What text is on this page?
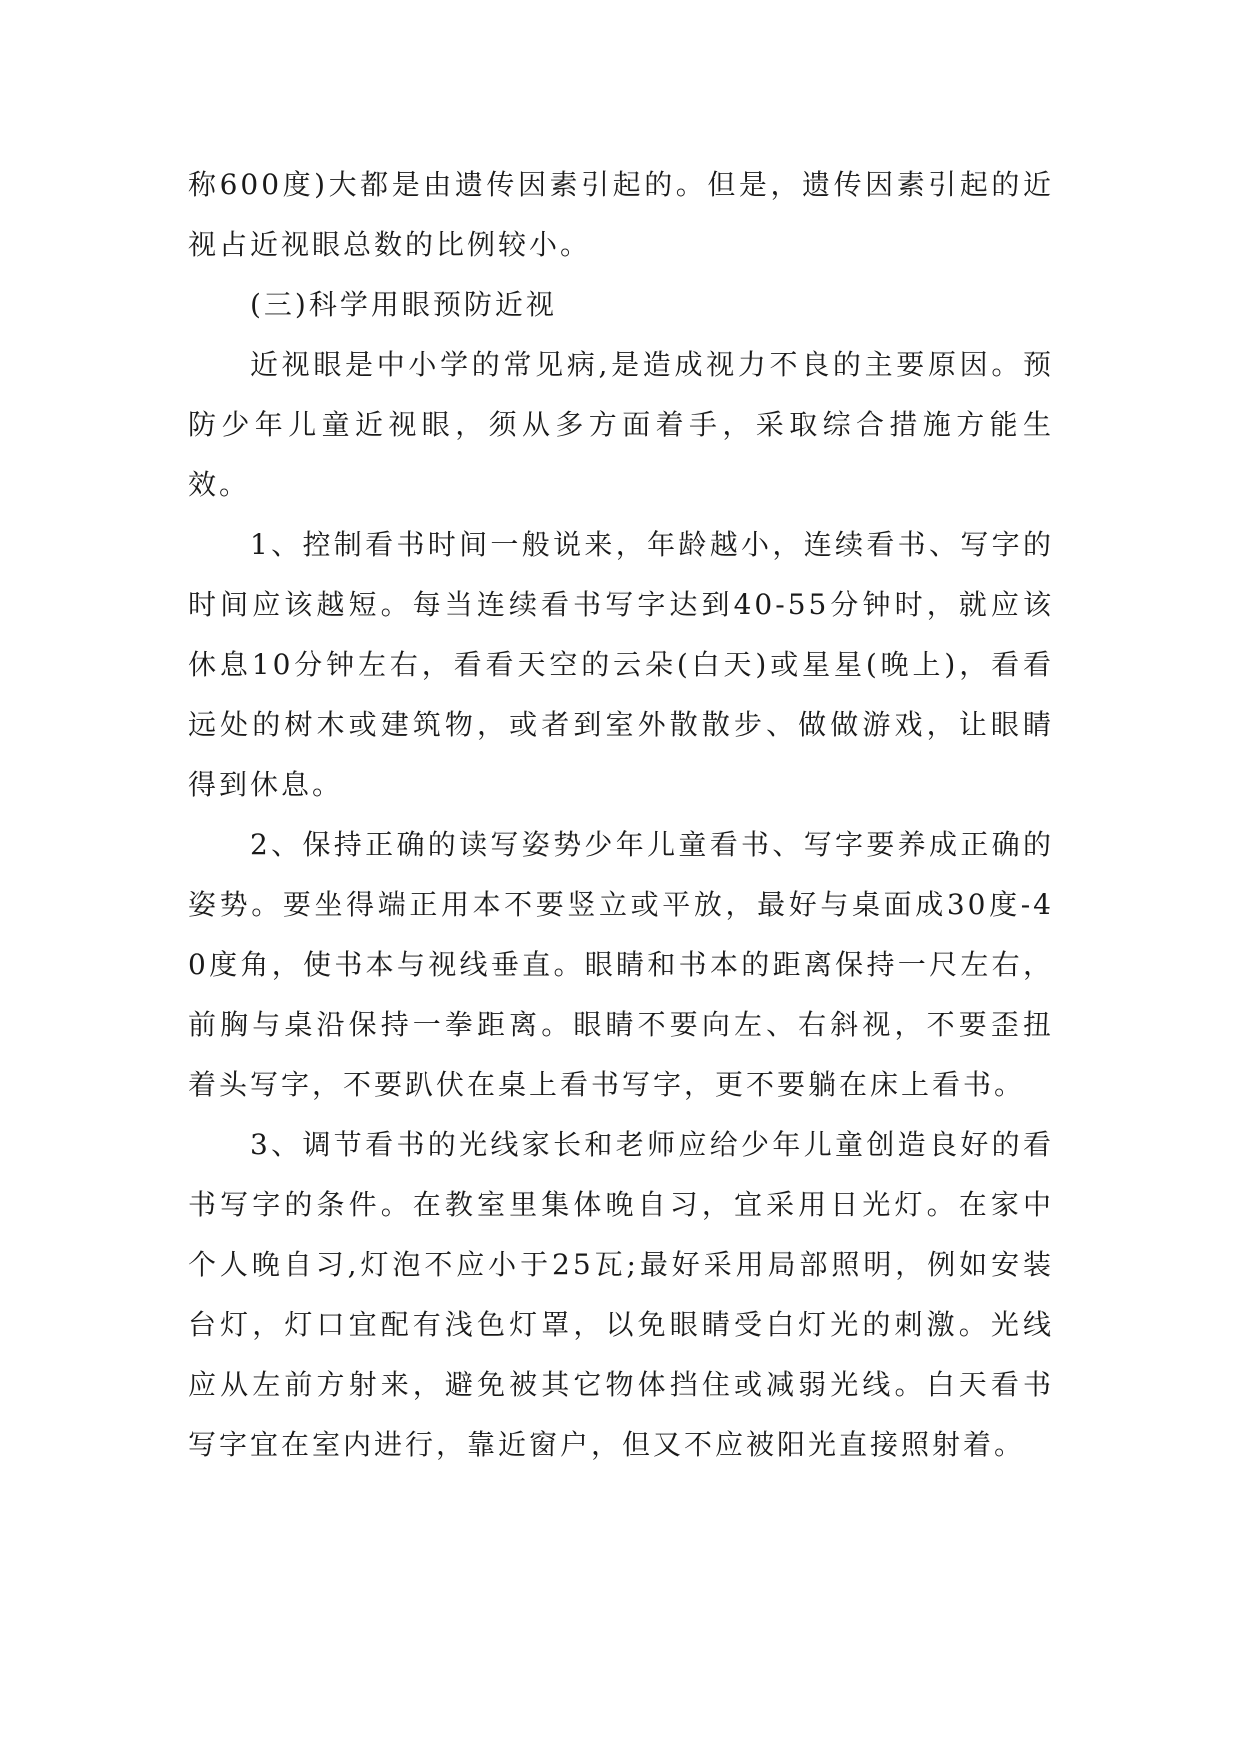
称600度)大都是由遗传因素引起的。但是，遗传因素引起的近视占近视眼总数的比例较小。

(三)科学用眼预防近视

近视眼是中小学的常见病,是造成视力不良的主要原因。预防少年儿童近视眼，须从多方面着手，采取综合措施方能生效。

1、控制看书时间一般说来，年龄越小，连续看书、写字的时间应该越短。每当连续看书写字达到40-55分钟时，就应该休息10分钟左右，看看天空的云朵(白天)或星星(晚上)，看看远处的树木或建筑物，或者到室外散散步、做做游戏，让眼睛得到休息。

2、保持正确的读写姿势少年儿童看书、写字要养成正确的姿势。要坐得端正用本不要竖立或平放，最好与桌面成30度-40度角，使书本与视线垂直。眼睛和书本的距离保持一尺左右，前胸与桌沿保持一拳距离。眼睛不要向左、右斜视，不要歪扭着头写字，不要趴伏在桌上看书写字，更不要躺在床上看书。

3、调节看书的光线家长和老师应给少年儿童创造良好的看书写字的条件。在教室里集体晚自习，宜采用日光灯。在家中个人晚自习,灯泡不应小于25瓦;最好采用局部照明，例如安装台灯，灯口宜配有浅色灯罩，以免眼睛受白灯光的刺激。光线应从左前方射来，避免被其它物体挡住或减弱光线。白天看书写字宜在室内进行，靠近窗户，但又不应被阳光直接照射着。
